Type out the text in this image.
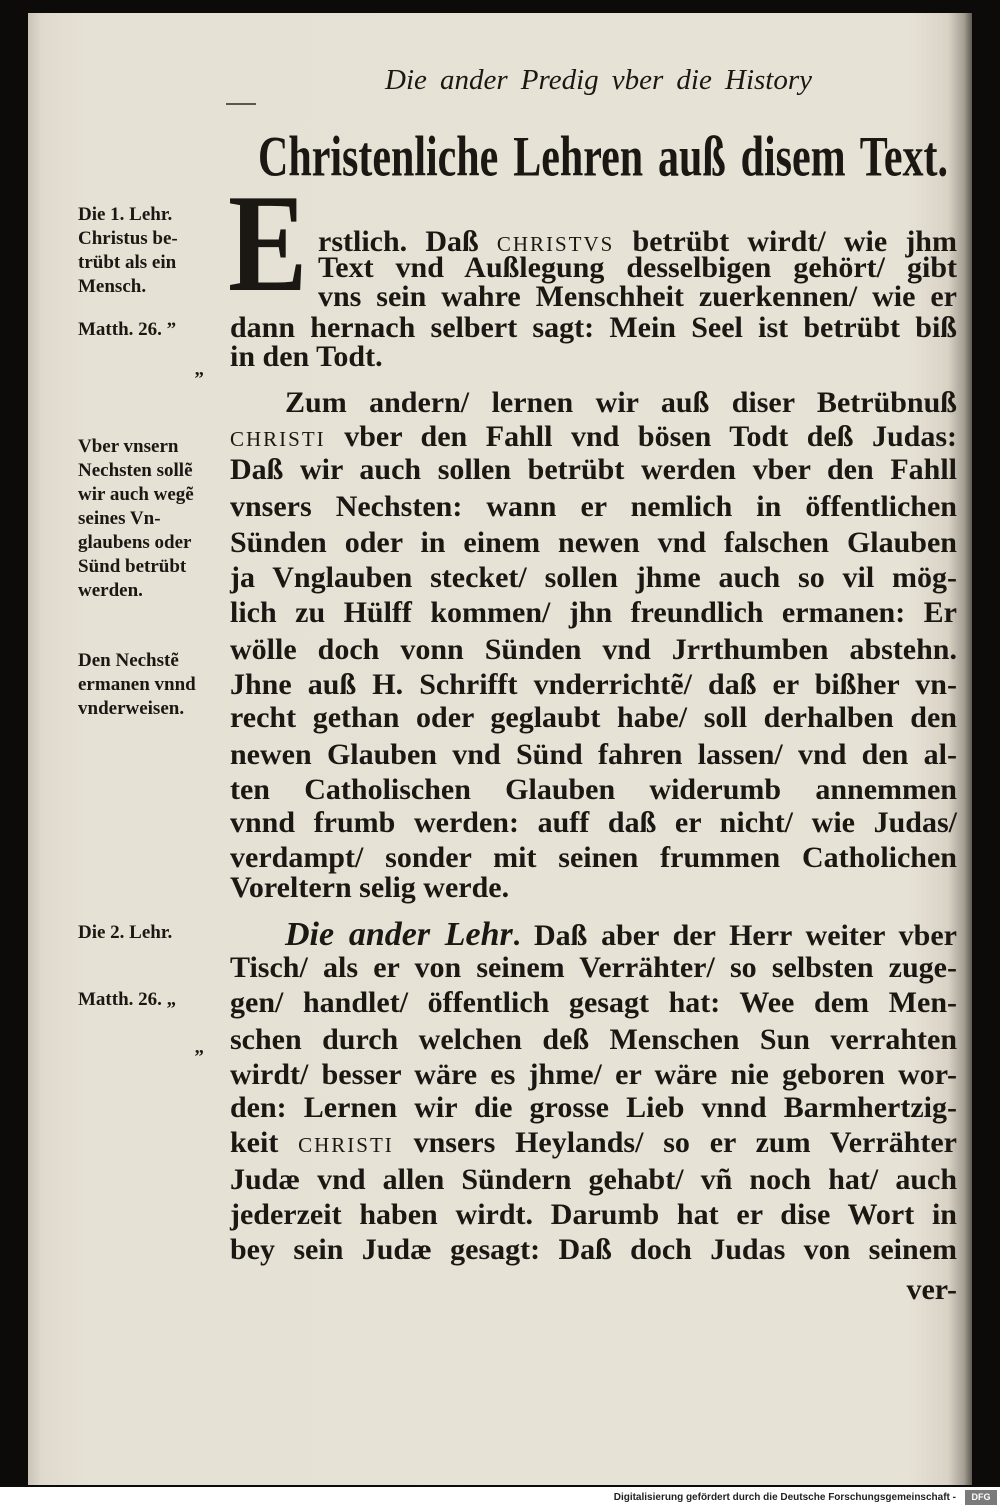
Die ander Predig vber die History
Christenliche Lehren auß disem Text.
Die 1. Lehr.
Christus be-
trübt als ein
Mensch.
Matth. 26. ”
„
Vber vnsern
Nechsten sollẽ
wir auch wegẽ
seines Vn-
glaubens oder
Sünd betrübt
werden.
Den Nechstẽ
ermanen vnnd
vnderweisen.
Die 2. Lehr.
Matth. 26. „
„
E rstlich. Daß CHRISTVS betrübt wirdt/ wie jhm
Text vnd Außlegung desselbigen gehört/ gibt
vns sein wahre Menschheit zuerkennen/ wie er
dann hernach selbert sagt: Mein Seel ist betrübt biß
in den Todt.
Zum andern/ lernen wir auß diser Betrübnuß
CHRISTI vber den Fahll vnd bösen Todt deß Judas:
Daß wir auch sollen betrübt werden vber den Fahll
vnsers Nechsten: wann er nemlich in öffentlichen
Sünden oder in einem newen vnd falschen Glauben
ja Vnglauben stecket/ sollen jhme auch so vil mög-
lich zu Hülff kommen/ jhn freundlich ermanen: Er
wölle doch vonn Sünden vnd Jrrthumben abstehn.
Jhne auß H. Schrifft vnderrichtẽ/ daß er bißher vn-
recht gethan oder geglaubt habe/ soll derhalben den
newen Glauben vnd Sünd fahren lassen/ vnd den al-
ten Catholischen Glauben widerumb annemmen
vnnd frumb werden: auff daß er nicht/ wie Judas/
verdampt/ sonder mit seinen frummen Catholichen
Voreltern selig werde.
Die ander Lehr. Daß aber der Herr weiter vber
Tisch/ als er von seinem Verrähter/ so selbsten zuge-
gen/ handlet/ öffentlich gesagt hat: Wee dem Men-
schen durch welchen deß Menschen Sun verrahten
wirdt/ besser wäre es jhme/ er wäre nie geboren wor-
den: Lernen wir die grosse Lieb vnnd Barmhertzig-
keit CHRISTI vnsers Heylands/ so er zum Verrähter
Judæ vnd allen Sündern gehabt/ vñ noch hat/ auch
jederzeit haben wirdt. Darumb hat er dise Wort in
bey sein Judæ gesagt: Daß doch Judas von seinem
ver-
Digitalisierung gefördert durch die Deutsche Forschungsgemeinschaft -	DFG
